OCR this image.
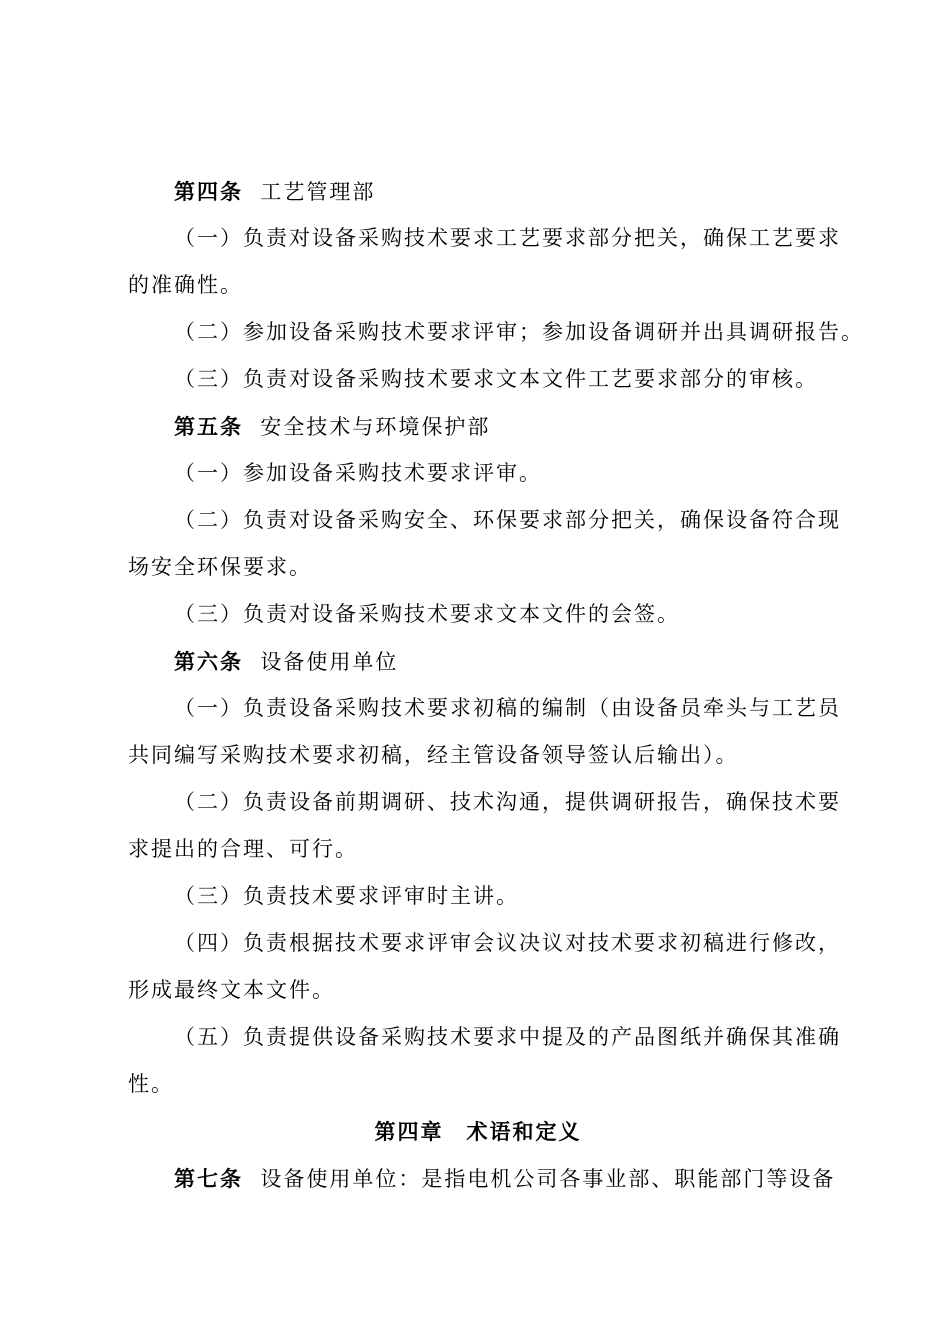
第四条 工艺管理部
（一）负责对设备采购技术要求工艺要求部分把关，确保工艺要求
的准确性。
（二）参加设备采购技术要求评审；参加设备调研并出具调研报告。
（三）负责对设备采购技术要求文本文件工艺要求部分的审核。
第五条 安全技术与环境保护部
（一）参加设备采购技术要求评审。
（二）负责对设备采购安全、环保要求部分把关，确保设备符合现
场安全环保要求。
（三）负责对设备采购技术要求文本文件的会签。
第六条 设备使用单位
（一）负责设备采购技术要求初稿的编制（由设备员牵头与工艺员
共同编写采购技术要求初稿，经主管设备领导签认后输出）。
（二）负责设备前期调研、技术沟通，提供调研报告，确保技术要
求提出的合理、可行。
（三）负责技术要求评审时主讲。
（四）负责根据技术要求评审会议决议对技术要求初稿进行修改，
形成最终文本文件。
（五）负责提供设备采购技术要求中提及的产品图纸并确保其准确
性。
第四章　术语和定义
第七条 设备使用单位：是指电机公司各事业部、职能部门等设备
